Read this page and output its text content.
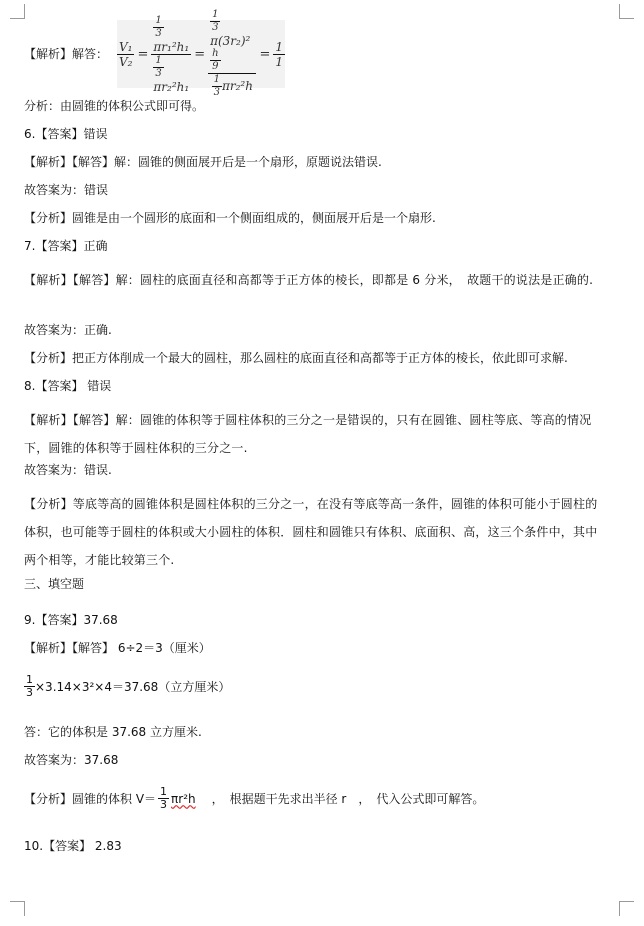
【解析】解答： $\frac{\text{V₁}}{\text{V₂}} = \frac{1}{3}$
πr₁²h₁
$\frac{1}{3}$
$\pi r_2^2h_1 = \frac{1}{3}$
π(3r₂)²
$\frac{h}{9}$
$\frac{1}{3} \pi r_2^2h = \frac{1}{1}$
分析：由圆锥的体积公式即可得。
6.【答案】错误
【解析】【解答】解：圆锥的侧面展开后是一个扇形，原题说法错误.
故答案为：错误
【分析】圆锥是由一个圆形的底面和一个侧面组成的，侧面展开后是一个扇形.
7.【答案】正确
【解析】【解答】解：圆柱的底面直径和高都等于正方体的棱长，即都是 6 分米，　故题干的说法是正确的.
故答案为：正确.
【分析】把正方体削成一个最大的圆柱，那么圆柱的底面直径和高都等于正方体的棱长，依此即可求解.
8.【答案】 错误
【解析】【解答】解：圆锥的体积等于圆柱体积的三分之一是错误的，只有在圆锥、圆柱等底、等高的情况下，圆锥的体积等于圆柱体积的三分之一.
故答案为：错误.
【分析】等底等高的圆锥体积是圆柱体积的三分之一，在没有等底等高一条件，圆锥的体积可能小于圆柱的体积，也可能等于圆柱的体积或大小圆柱的体积．圆柱和圆锥只有体积、底面积、高，这三个条件中，其中两个相等，才能比较第三个.
三、填空题
9.【答案】37.68
【解析】【解答】 6÷2＝3（厘米）
$\frac{1}{3} \times 3.14\times 3^2\times 4=37.68$（立方厘米）
答：它的体积是 37.68 立方厘米.
故答案为：37.68
【分析】圆锥的体积 $V= \frac{1}{3} \pi r^2h$ ，　根据题干先求出半径 r　，　代入公式即可解答。
10.【答案】 2.83
